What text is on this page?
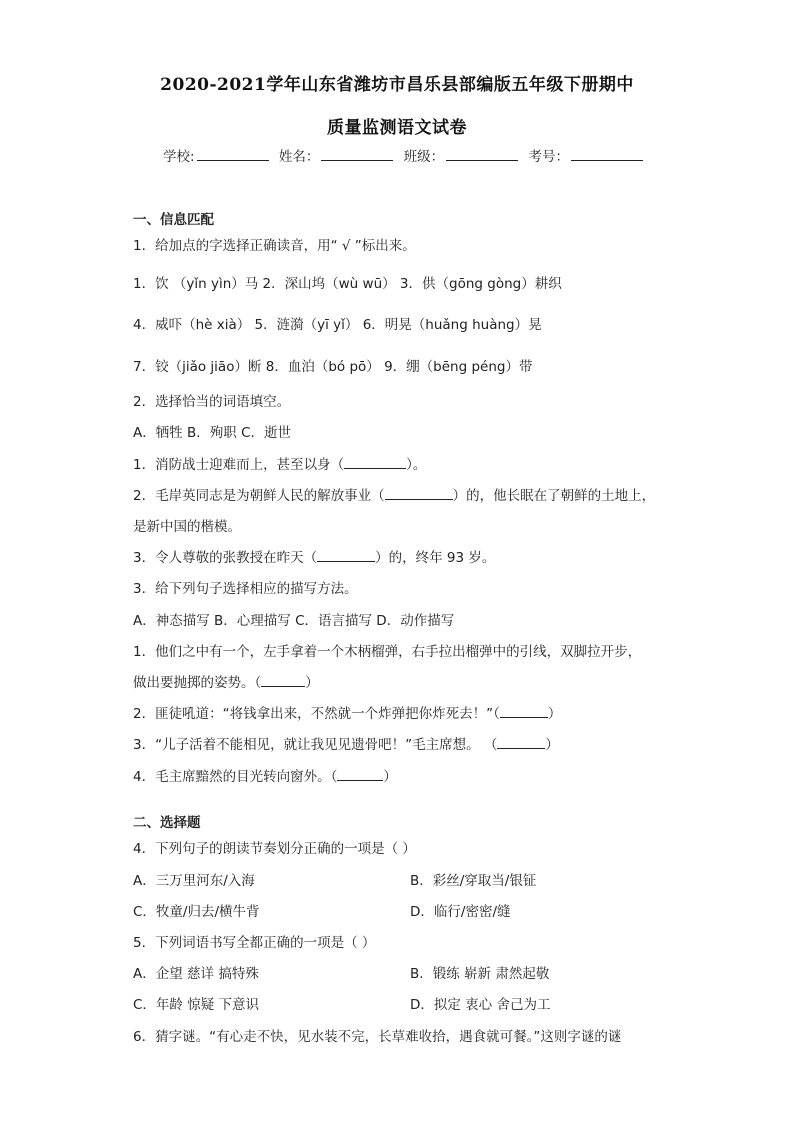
2020-2021学年山东省潍坊市昌乐县部编版五年级下册期中
质量监测语文试卷
学校:	姓名：	班级：	考号：
一、信息匹配
1．给加点的字选择正确读音，用“ √ ”标出来。
1．饮 （yǐn yìn）马 2．深山坞（wù wū） 3．供（gōng gòng）耕织
4．威吓（hè xià） 5．涟漪（yī yǐ） 6．明晃（huǎng huàng）晃
7．铰（jiǎo jiāo）断 8．血泊（bó pō） 9．绷（bēng péng）带
2．选择恰当的词语填空。
A．牺牲 B．殉职 C．逝世
1．消防战士迎难而上，甚至以身（	）。
2．毛岸英同志是为朝鲜人民的解放事业（	）的，他长眠在了朝鲜的土地上，
是新中国的楷模。
3．令人尊敬的张教授在昨天（	）的，终年 93 岁。
3．给下列句子选择相应的描写方法。
A．神态描写 B．心理描写 C．语言描写 D．动作描写
1．他们之中有一个，左手拿着一个木柄榴弹，右手拉出榴弹中的引线，双脚拉开步，
做出要抛掷的姿势。（	）
2．匪徒吼道：“将钱拿出来，不然就一个炸弹把你炸死去！”（	）
3．“儿子活着不能相见，就让我见见遗骨吧！”毛主席想。 （	）
4．毛主席黯然的目光转向窗外。（	）
二、选择题
4．下列句子的朗读节奏划分正确的一项是（ ）
A．三万里河东/入海	B．彩丝/穿取当/银钲
C．牧童/归去/横牛背	D．临行/密密/缝
5．下列词语书写全都正确的一项是（ ）
A．企望 慈详 搞特殊	B．锻练 崭新 肃然起敬
C．年龄 惊疑 下意识	D．拟定 衷心 舍己为工
6．猜字谜。“有心走不快，见水装不完，长草难收拾，遇食就可餐。”这则字谜的谜
